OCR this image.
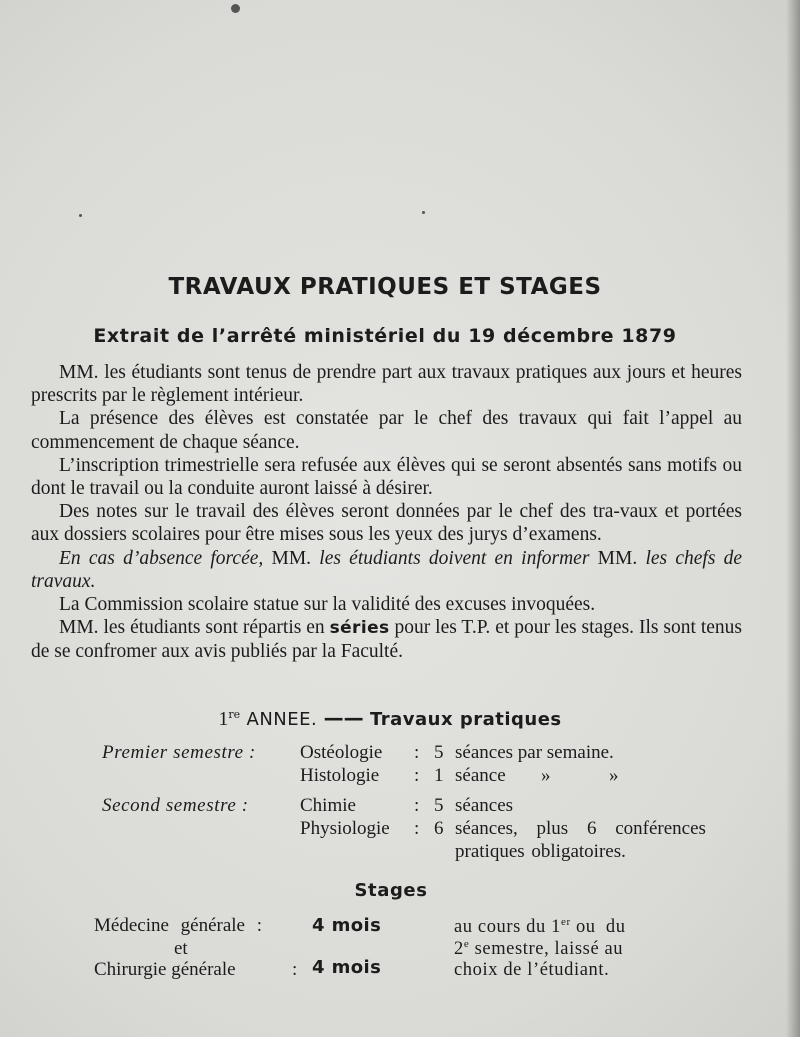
TRAVAUX PRATIQUES ET STAGES
Extrait de l’arrêté ministériel du 19 décembre 1879

MM. les étudiants sont tenus de prendre part aux travaux pratiques aux jours et heures prescrits par le règlement intérieur.

La présence des élèves est constatée par le chef des travaux qui fait l’appel au commencement de chaque séance.

L’inscription trimestrielle sera refusée aux élèves qui se seront absentés sans motifs ou dont le travail ou la conduite auront laissé à désirer.

Des notes sur le travail des élèves seront données par le chef des tra-vaux et portées aux dossiers scolaires pour être mises sous les yeux des jurys d’examens.

En cas d’absence forcée, MM. les étudiants doivent en informer MM. les chefs de travaux.

La Commission scolaire statue sur la validité des excuses invoquées.

MM. les étudiants sont répartis en séries pour les T.P. et pour les stages. Ils sont tenus de se confromer aux avis publiés par la Faculté.

1re ANNEE. —— Travaux pratiques
Premier semestre : Ostéologie : 5 séances par semaine.
Histologie : 1 séance »	»
Second semestre :	Chimie	: 5 séances
Physiologie : 6 séances, plus 6 conférences
pratiques obligatoires.
Stages
Médecine générale :	4 mois
et
Chirurgie générale	: 4 mois
au cours du 1er ou du
2e semestre, laissé au
choix de l’étudiant.
